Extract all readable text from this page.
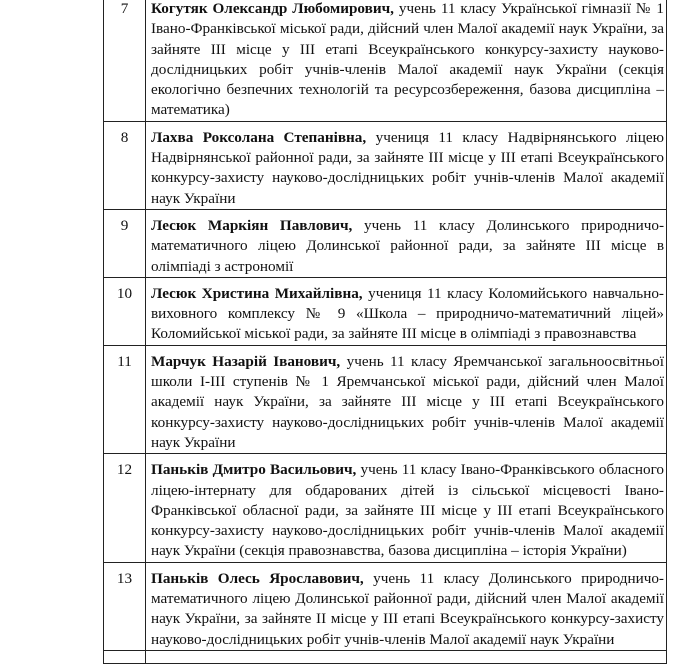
7	Когутяк Олександр Любомирович, учень 11 класу Української гімназії № 1 Івано-Франківської міської ради, дійсний член Малої академії наук України, за зайняте ІІІ місце у ІІІ етапі Всеукраїнського конкурсу-захисту науково-дослідницьких робіт учнів-членів Малої академії наук України (секція екологічно безпечних технологій та ресурсозбереження, базова дисципліна – математика)
8	Лахва Роксолана Степанівна, учениця 11 класу Надвірнянського ліцею Надвірнянської районної ради, за зайняте ІІІ місце у ІІІ етапі Всеукраїнського конкурсу-захисту науково-дослідницьких робіт учнів-членів Малої академії наук України
9	Лесюк Маркіян Павлович, учень 11 класу Долинського природничо-математичного ліцею Долинської районної ради, за зайняте ІІІ місце в олімпіаді з астрономії
10	Лесюк Христина Михайлівна, учениця 11 класу Коломийського навчально-виховного комплексу № 9 «Школа – природничо-математичний ліцей» Коломийської міської ради, за зайняте ІІІ місце в олімпіаді з правознавства
11	Марчук Назарій Іванович, учень 11 класу Яремчанської загальноосвітньої школи І-ІІІ ступенів № 1 Яремчанської міської ради, дійсний член Малої академії наук України, за зайняте ІІІ місце у ІІІ етапі Всеукраїнського конкурсу-захисту науково-дослідницьких робіт учнів-членів Малої академії наук України
12	Паньків Дмитро Васильович, учень 11 класу Івано-Франківського обласного ліцею-інтернату для обдарованих дітей із сільської місцевості Івано-Франківської обласної ради, за зайняте ІІІ місце у ІІІ етапі Всеукраїнського конкурсу-захисту науково-дослідницьких робіт учнів-членів Малої академії наук України (секція правознавства, базова дисципліна – історія України)
13	Паньків Олесь Ярославович, учень 11 класу Долинського природничо-математичного ліцею Долинської районної ради, дійсний член Малої академії наук України, за зайняте ІІ місце у ІІІ етапі Всеукраїнського конкурсу-захисту науково-дослідницьких робіт учнів-членів Малої академії наук України
